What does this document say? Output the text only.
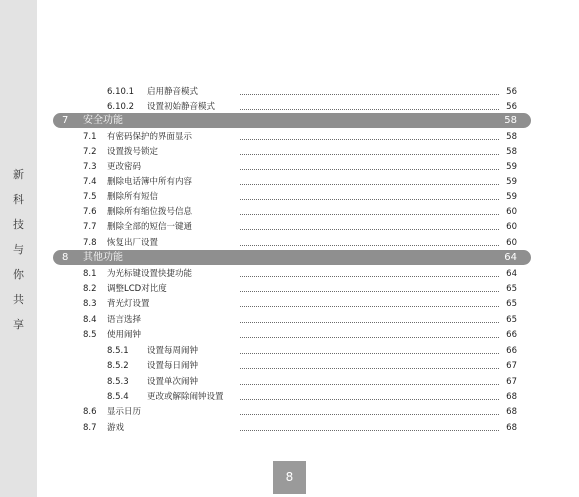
新
科
技
与
你
共
享
6.10.1 启用静音模式	56
6.10.2 设置初始静音模式	56
7 安全功能	58
7.1 有密码保护的界面显示	58
7.2 设置拨号锁定	58
7.3 更改密码	59
7.4 删除电话簿中所有内容	59
7.5 删除所有短信	59
7.6 删除所有缩位拨号信息	60
7.7 删除全部的短信一键通	60
7.8 恢复出厂设置	60
8 其他功能	64
8.1 为光标键设置快捷功能	64
8.2 调整LCD对比度	65
8.3 背光灯设置	65
8.4 语言选择	65
8.5 使用闹钟	66
8.5.1 设置每周闹钟	66
8.5.2 设置每日闹钟	67
8.5.3 设置单次闹钟	67
8.5.4 更改或解除闹钟设置	68
8.6 显示日历	68
8.7 游戏	68
8
